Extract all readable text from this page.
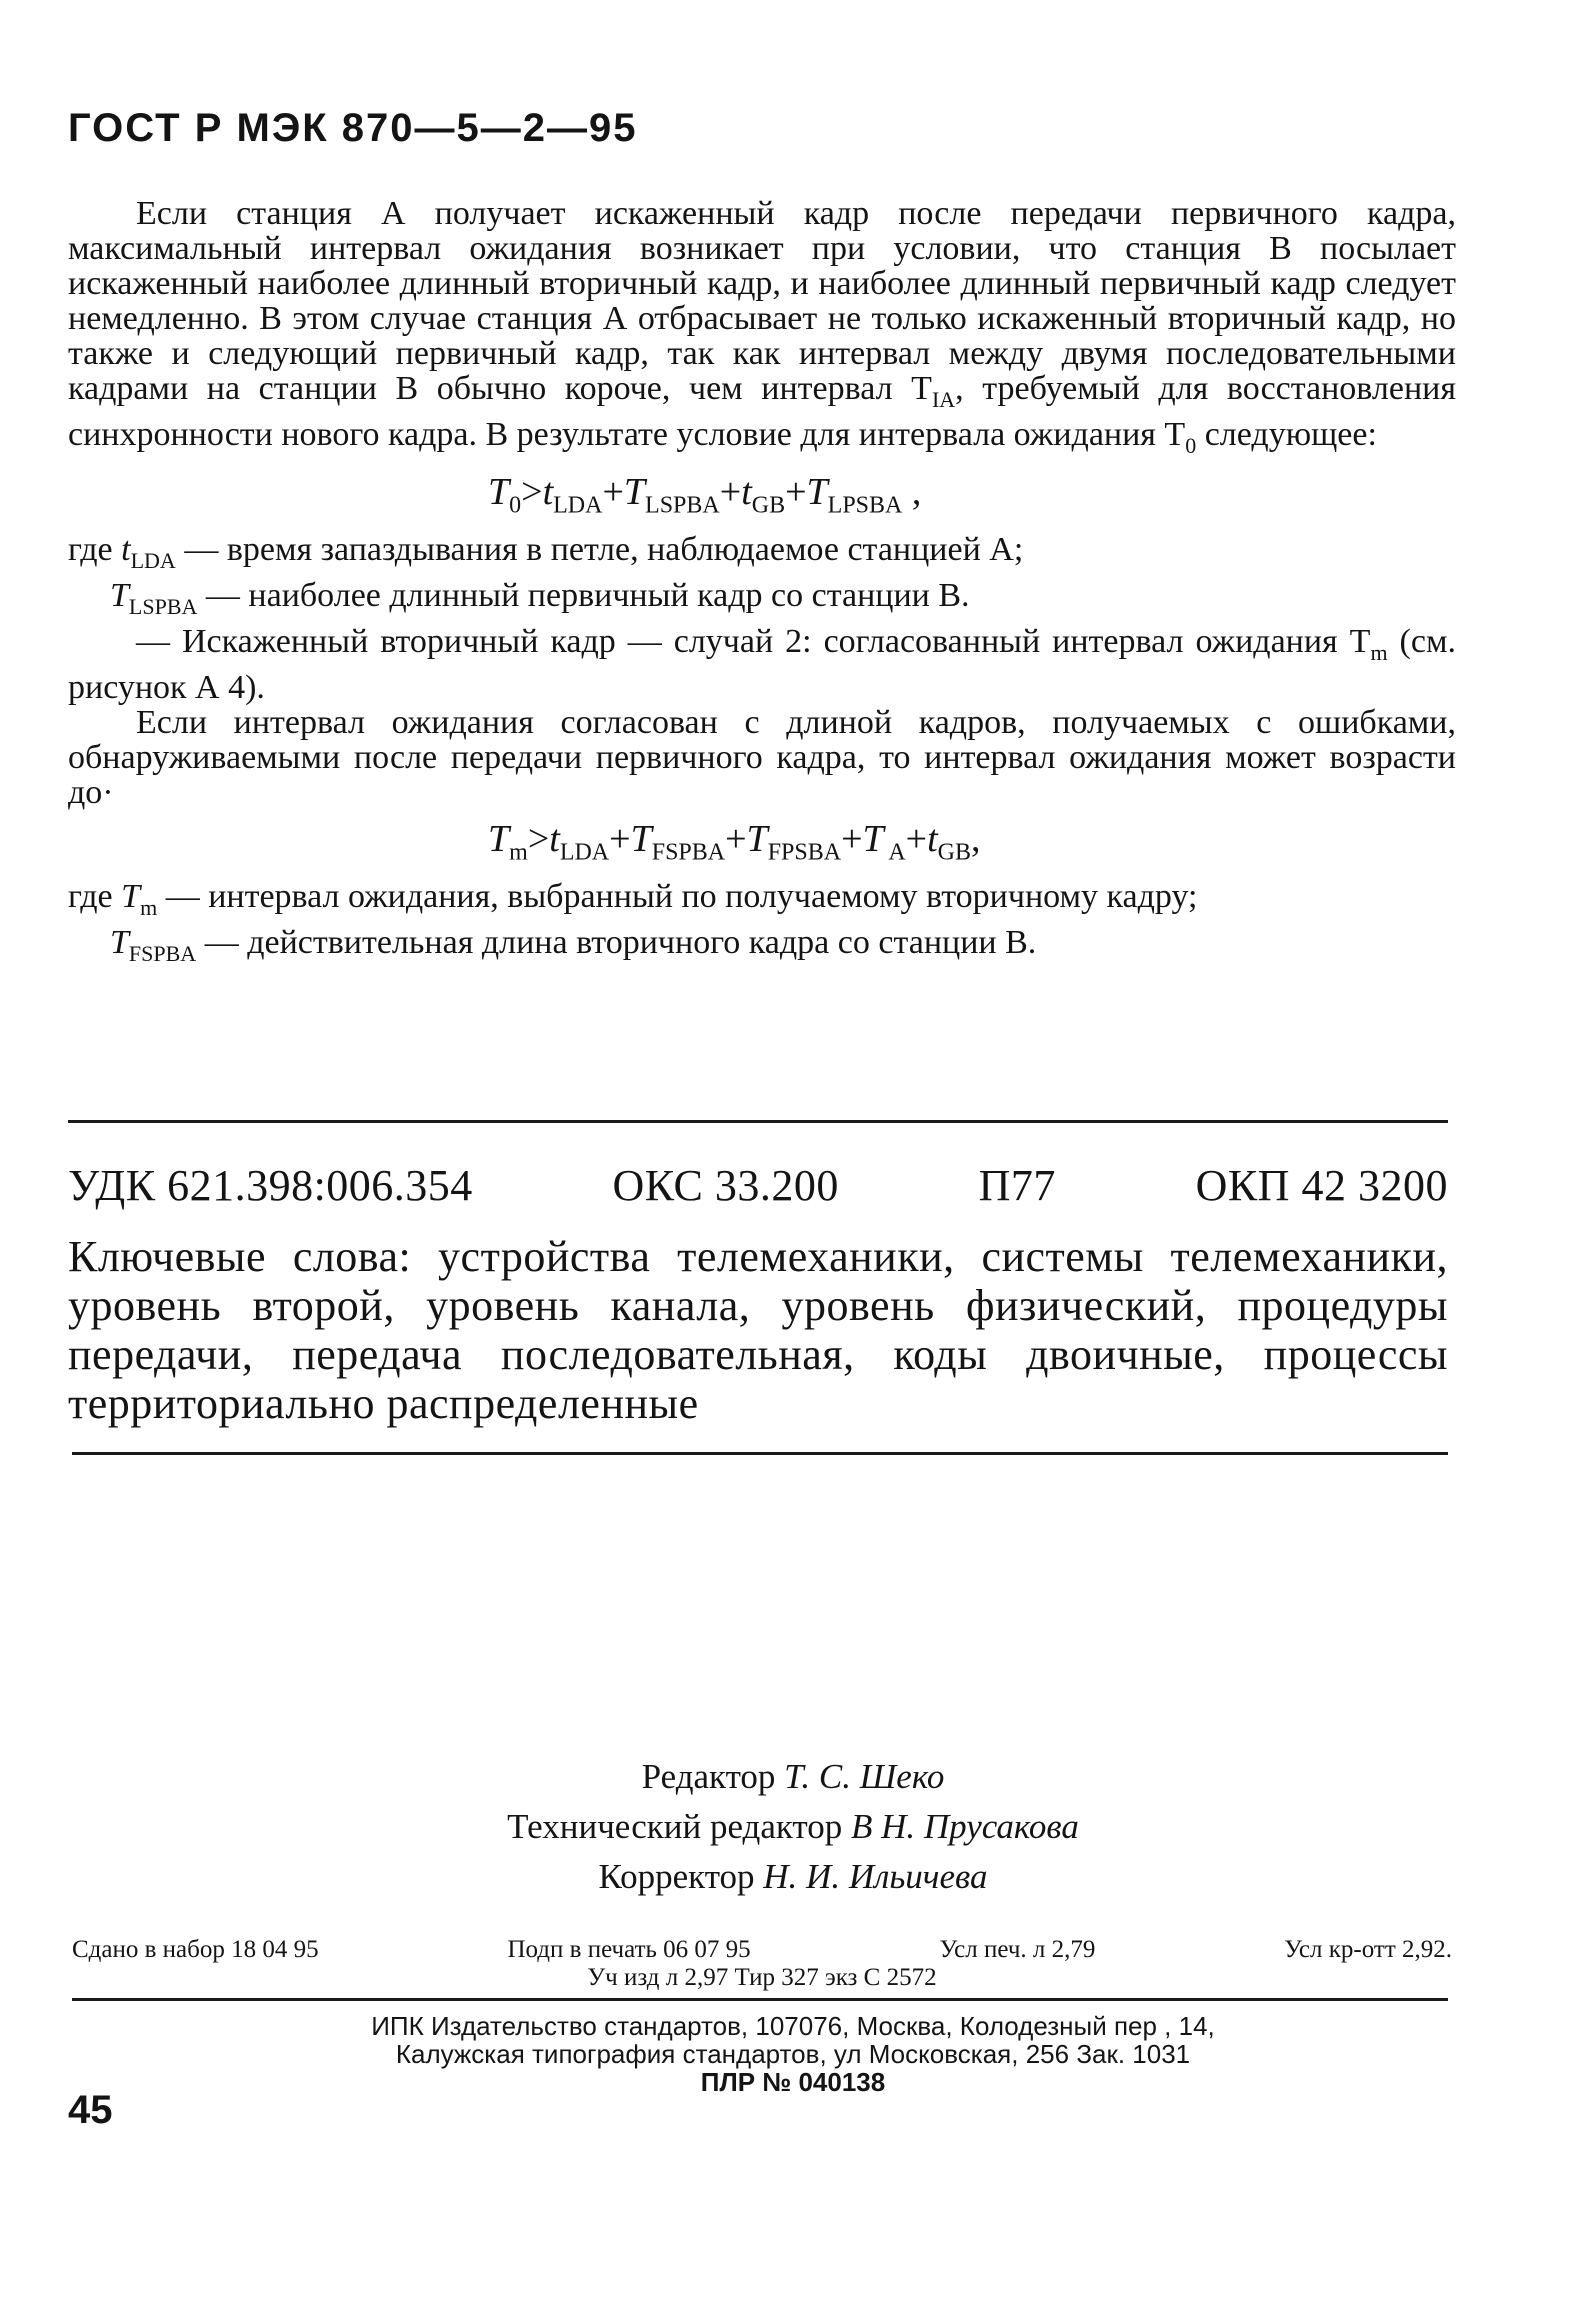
ГОСТ Р МЭК 870—5—2—95

Если станция А получает искаженный кадр после передачи первичного кадра, максимальный интервал ожидания возникает при условии, что станция В посылает искаженный наиболее длинный вторичный кадр, и наиболее длинный первичный кадр следует немедленно. В этом случае станция А отбрасывает не только искаженный вторичный кадр, но также и следующий первичный кадр, так как интервал между двумя последовательными кадрами на станции В обычно короче, чем интервал $T_{IA}$, требуемый для восстановления синхронности нового кадра. В результате условие для интервала ожидания $T_0$ следующее:

$T_0>t_{LDA}+T_{LSPBA}+t_{GB}+T_{LPSBA}$ ,

где $t_{LDA}$ — время запаздывания в петле, наблюдаемое станцией А;

$T_{LSPBA}$ — наиболее длинный первичный кадр со станции В.

— Искаженный вторичный кадр — случай 2: согласованный интервал ожидания $T_m$ (см. рисунок А 4).

Если интервал ожидания согласован с длиной кадров, получаемых с ошибками, обнаруживаемыми после передачи первичного кадра, то интервал ожидания может возрасти до·

$T_m>t_{LDA}+T_{FSPBA}+T_{FPSBA}+T$ $_A+t_{GB}$,

где $T_m$ — интервал ожидания, выбранный по получаемому вторичному кадру;

$T_{FSPBA}$ — действительная длина вторичного кадра со станции В.

УДК 621.398:006.354	ОКС 33.200	П77	ОКП 42 3200
Ключевые слова: устройства телемеханики, системы телемеханики, уровень второй, уровень канала, уровень физический, процедуры передачи, передача последовательная, коды двоичные, процессы территориально распределенные
Редактор Т. С. Шеко
Технический редактор В Н. Прусакова
Корректор Н. И. Ильичева
Сдано в набор 18 04 95	Подп в печать 06 07 95	Усл печ. л 2,79	Усл кр-отт 2,92.
Уч изд л 2,97 Тир 327 экз С 2572
ИПК Издательство стандартов, 107076, Москва, Колодезный пер , 14,
Калужская типография стандартов, ул Московская, 256 Зак. 1031
ПЛР № 040138
45
